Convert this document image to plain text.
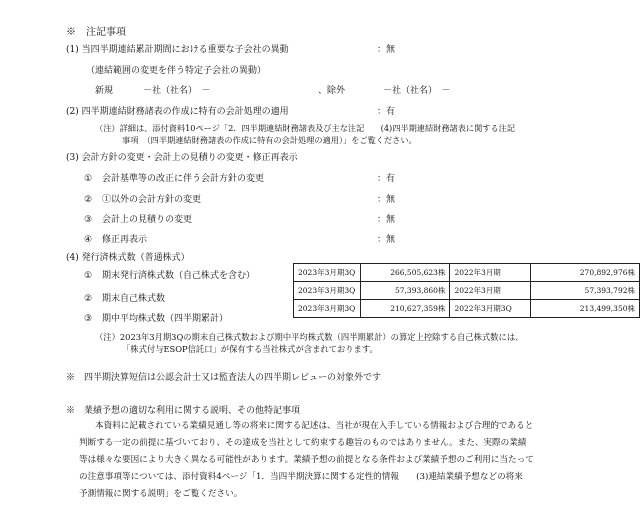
※　注記事項
(1) 当四半期連結累計期間における重要な子会社の異動	：無
（連結範囲の変更を伴う特定子会社の異動）
新規	－社（社名）　－	、除外	－社（社名）　－
(2) 四半期連結財務諸表の作成に特有の会計処理の適用	：有
（注）詳細は、添付資料10ページ「2．四半期連結財務諸表及び主な注記　　(4)四半期連結財務諸表に関する注記
事項　（四半期連結財務諸表の作成に特有の会計処理の適用）」をご覧ください。
(3) 会計方針の変更・会計上の見積りの変更・修正再表示
① 会計基準等の改正に伴う会計方針の変更	：有
② ①以外の会計方針の変更	：無
③ 会計上の見積りの変更	：無
④ 修正再表示	：無
(4) 発行済株式数（普通株式）
① 期末発行済株式数（自己株式を含む）
② 期末自己株式数
③ 期中平均株式数（四半期累計）
2023年3月期3Q	266,505,623株	2022年3月期	270,892,976株
2023年3月期3Q	57,393,860株	2022年3月期	57,393,792株
2023年3月期3Q	210,627,359株	2022年3月期3Q	213,499,350株
（注）2023年3月期3Qの期末自己株式数および期中平均株式数（四半期累計）の算定上控除する自己株式数には、
「株式付与ESOP信託口」が保有する当社株式が含まれております。
※　四半期決算短信は公認会計士又は監査法人の四半期レビューの対象外です
※　業績予想の適切な利用に関する説明、その他特記事項
本資料に記載されている業績見通し等の将来に関する記述は、当社が現在入手している情報および合理的であると
判断する一定の前提に基づいており、その達成を当社として約束する趣旨のものではありません。また、実際の業績
等は様々な要因により大きく異なる可能性があります。業績予想の前提となる条件および業績予想のご利用に当たって
の注意事項等については、添付資料4ページ「1．当四半期決算に関する定性的情報　　(3)連結業績予想などの将来
予測情報に関する説明」をご覧ください。
